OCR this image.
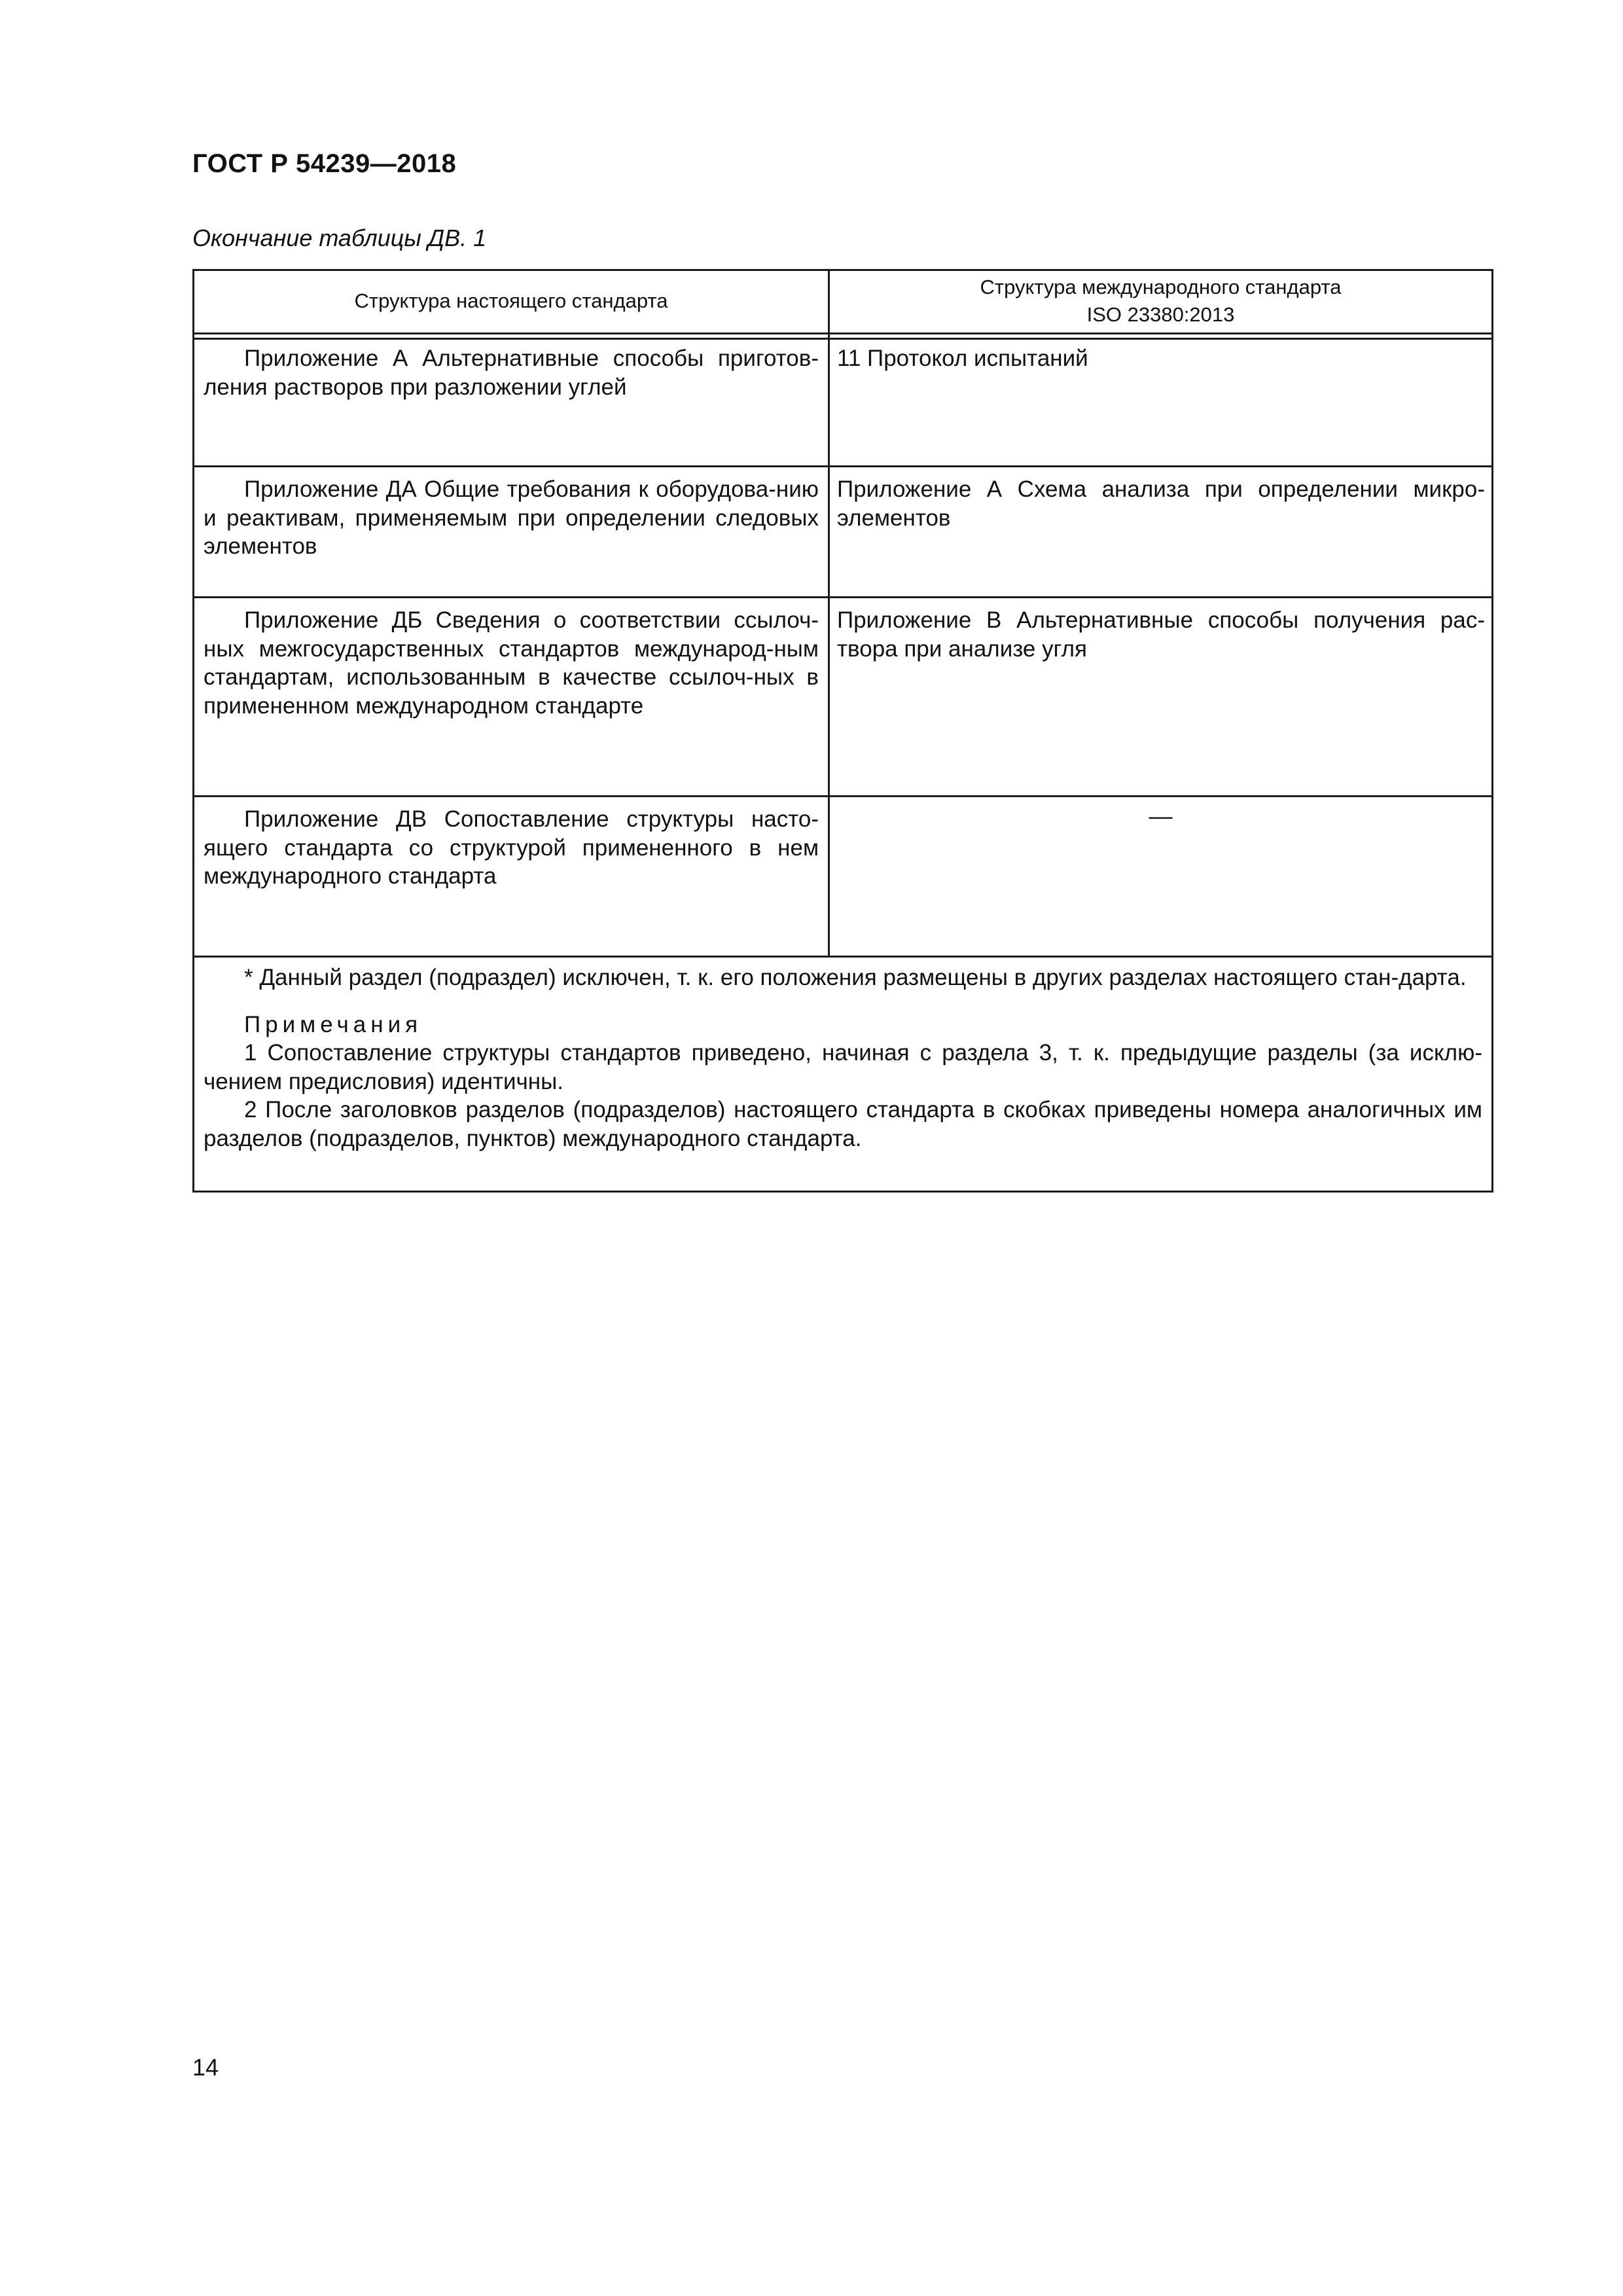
ГОСТ Р 54239—2018
Окончание таблицы ДВ. 1
Структура настоящего стандарта
Структура международного стандарта
ISO 23380:2013
Приложение А Альтернативные способы приготов-ления растворов при разложении углей
11 Протокол испытаний
Приложение ДА Общие требования к оборудова-нию и реактивам, применяемым при определении следовых элементов
Приложение А Схема анализа при определении микро-элементов
Приложение ДБ Сведения о соответствии ссылоч-ных межгосударственных стандартов международ-ным стандартам, использованным в качестве ссылоч-ных в примененном международном стандарте
Приложение В Альтернативные способы получения рас-твора при анализе угля
Приложение ДВ Сопоставление структуры насто-ящего стандарта со структурой примененного в нем международного стандарта
—
* Данный раздел (подраздел) исключен, т. к. его положения размещены в других разделах настоящего стан-дарта.
Примечания
1 Сопоставление структуры стандартов приведено, начиная с раздела 3, т. к. предыдущие разделы (за исклю-чением предисловия) идентичны.
2 После заголовков разделов (подразделов) настоящего стандарта в скобках приведены номера аналогичных им разделов (подразделов, пунктов) международного стандарта.
14
